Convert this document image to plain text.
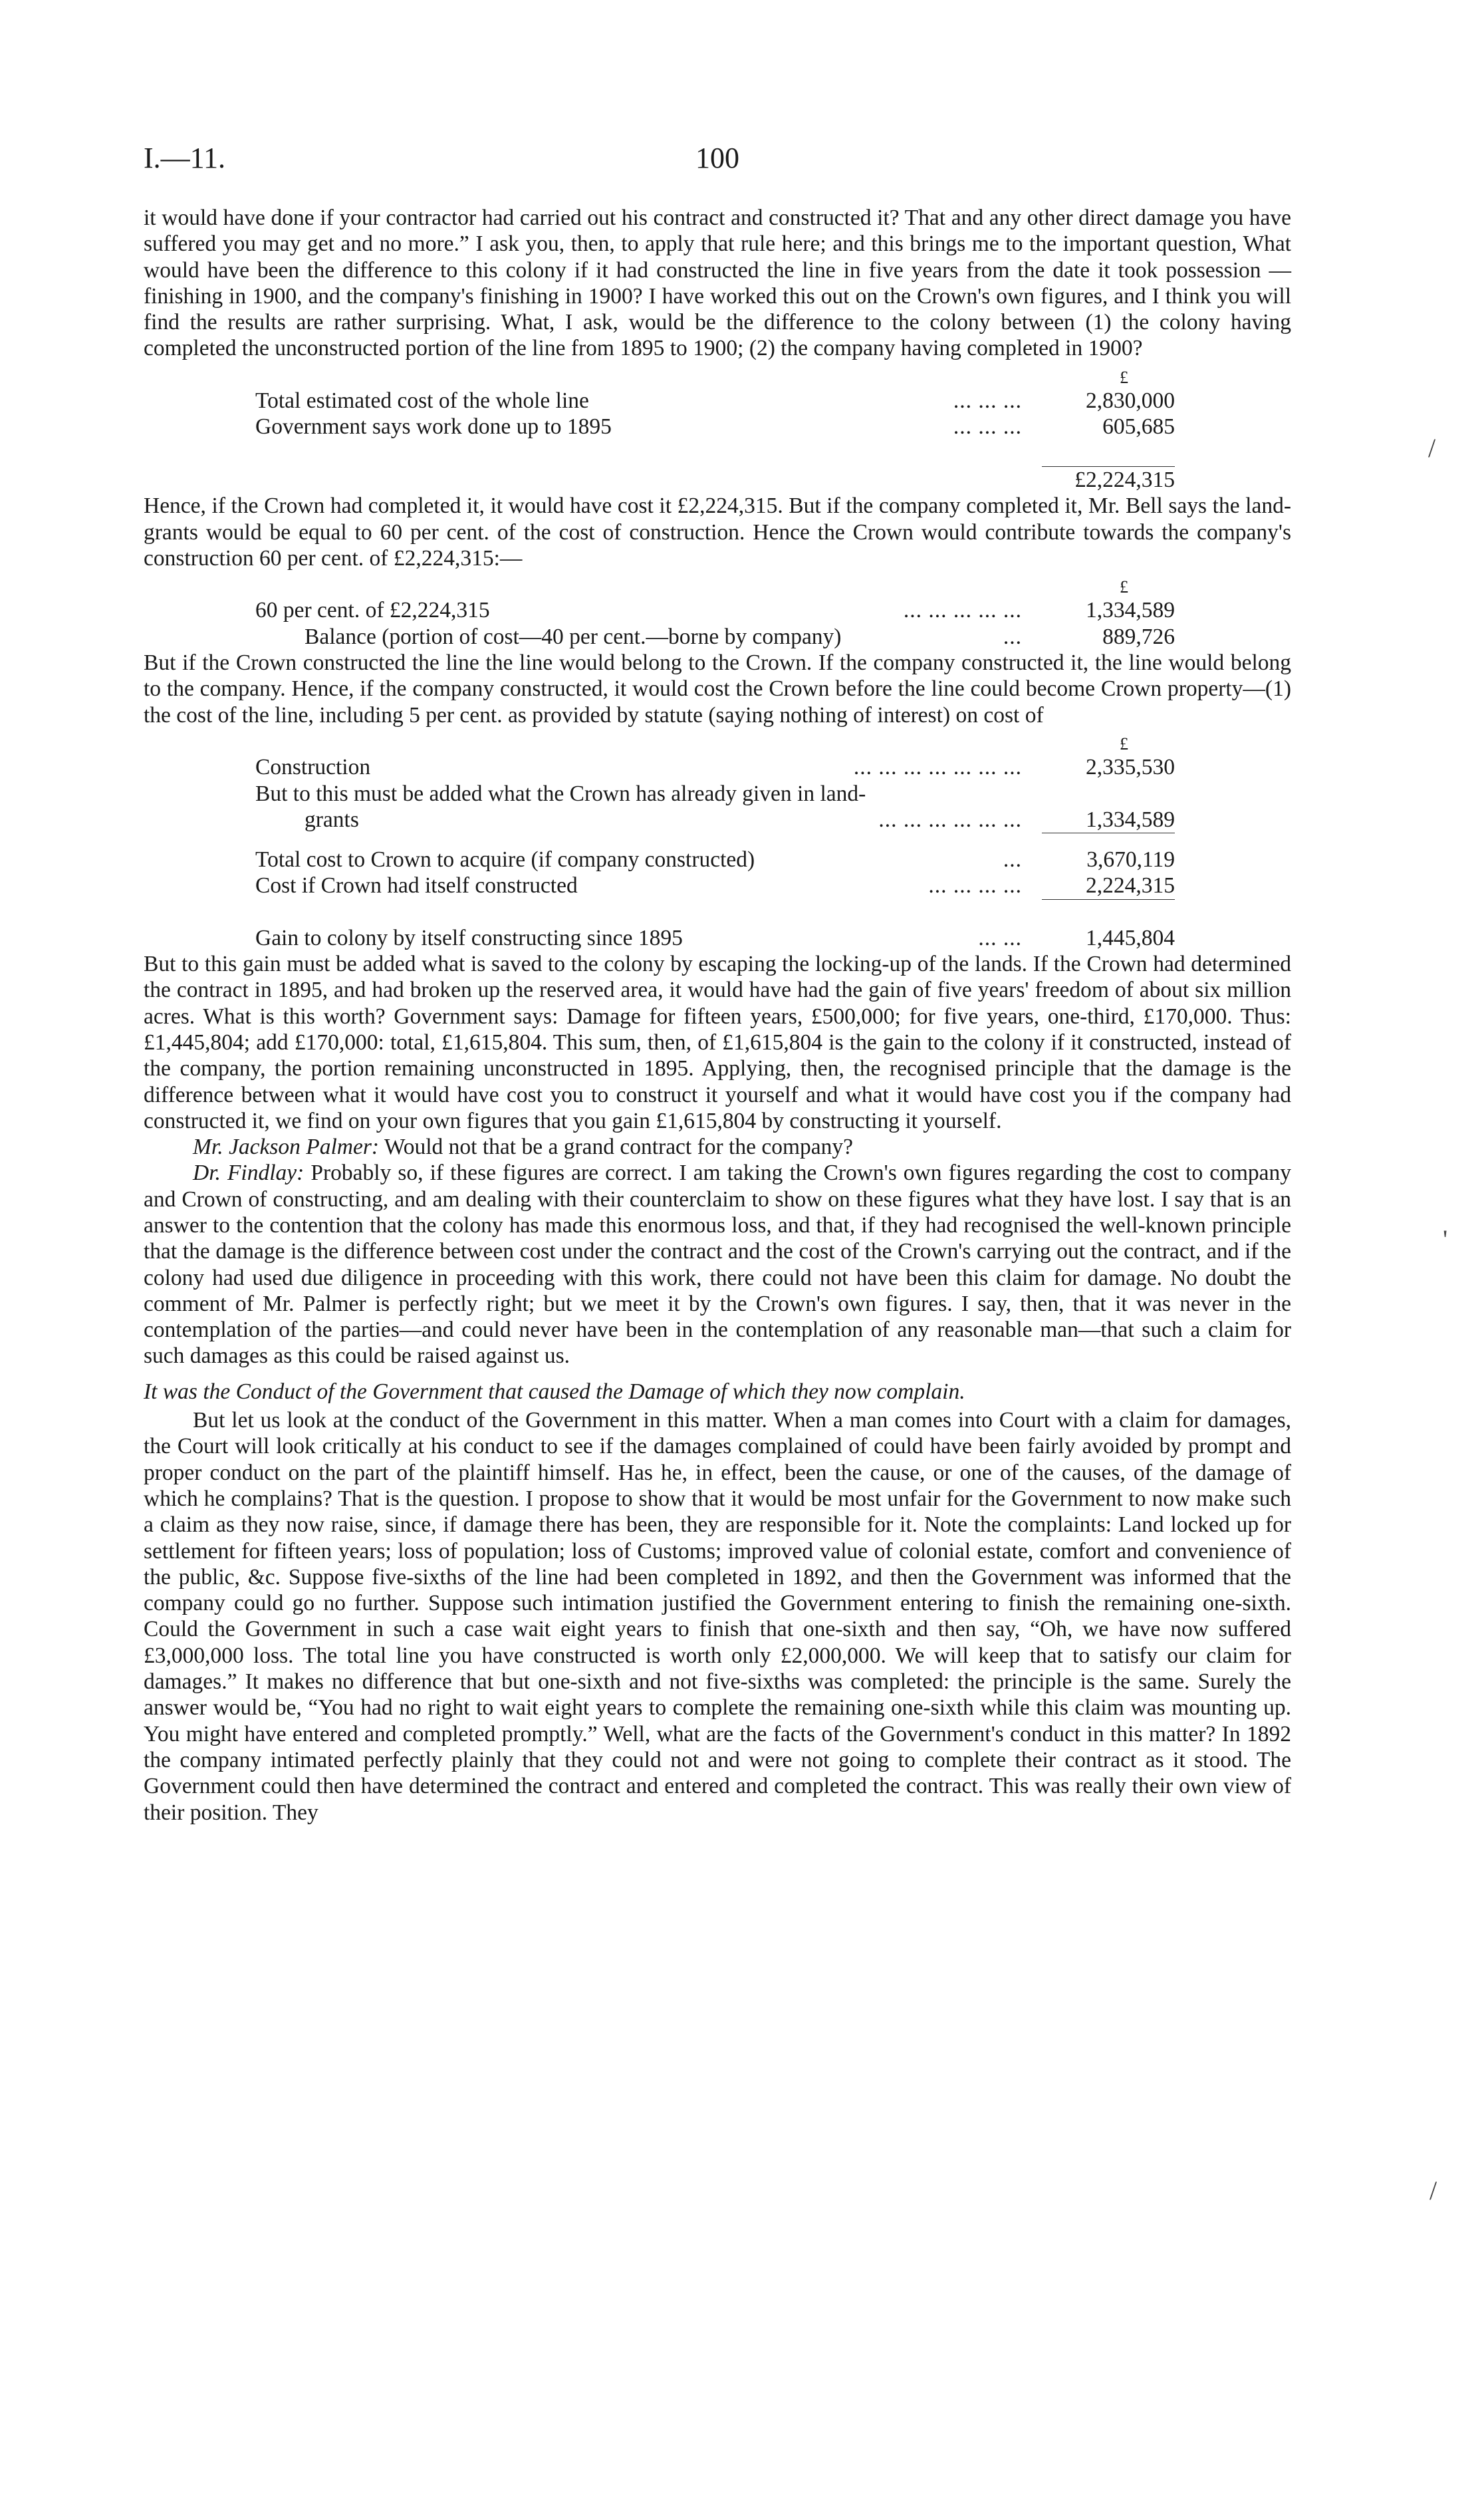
I.—11.	100

it would have done if your contractor had carried out his contract and constructed it? That and any other direct damage you have suffered you may get and no more.” I ask you, then, to apply that rule here; and this brings me to the important question, What would have been the difference to this colony if it had constructed the line in five years from the date it took possession —finishing in 1900, and the company's finishing in 1900? I have worked this out on the Crown's own figures, and I think you will find the results are rather surprising. What, I ask, would be the difference to the colony between (1) the colony having completed the unconstructed portion of the line from 1895 to 1900; (2) the company having completed in 1900?

£
Total estimated cost of the whole line	... ... ...	2,830,000
Government says work done up to 1895	... ... ...	605,685
£2,224,315

Hence, if the Crown had completed it, it would have cost it £2,224,315. But if the company completed it, Mr. Bell says the land-grants would be equal to 60 per cent. of the cost of construction. Hence the Crown would contribute towards the company's construction 60 per cent. of £2,224,315:—

£
60 per cent. of £2,224,315	... ... ... ... ...	1,334,589
Balance (portion of cost—40 per cent.—borne by company)	...	889,726

But if the Crown constructed the line the line would belong to the Crown. If the company constructed it, the line would belong to the company. Hence, if the company constructed, it would cost the Crown before the line could become Crown property—(1) the cost of the line, including 5 per cent. as provided by statute (saying nothing of interest) on cost of

£
Construction	... ... ... ... ... ... ...	2,335,530
But to this must be added what the Crown has already given in land-
grants	... ... ... ... ... ...	1,334,589
Total cost to Crown to acquire (if company constructed)	...	3,670,119
Cost if Crown had itself constructed	... ... ... ...	2,224,315
Gain to colony by itself constructing since 1895	... ...	1,445,804

But to this gain must be added what is saved to the colony by escaping the locking-up of the lands. If the Crown had determined the contract in 1895, and had broken up the reserved area, it would have had the gain of five years' freedom of about six million acres. What is this worth? Government says: Damage for fifteen years, £500,000; for five years, one-third, £170,000. Thus: £1,445,804; add £170,000: total, £1,615,804. This sum, then, of £1,615,804 is the gain to the colony if it constructed, instead of the company, the portion remaining unconstructed in 1895. Applying, then, the recognised principle that the damage is the difference between what it would have cost you to construct it yourself and what it would have cost you if the company had constructed it, we find on your own figures that you gain £1,615,804 by constructing it yourself.

Mr. Jackson Palmer: Would not that be a grand contract for the company?

Dr. Findlay: Probably so, if these figures are correct. I am taking the Crown's own figures regarding the cost to company and Crown of constructing, and am dealing with their counterclaim to show on these figures what they have lost. I say that is an answer to the contention that the colony has made this enormous loss, and that, if they had recognised the well-known principle that the damage is the difference between cost under the contract and the cost of the Crown's carrying out the contract, and if the colony had used due diligence in proceeding with this work, there could not have been this claim for damage. No doubt the comment of Mr. Palmer is perfectly right; but we meet it by the Crown's own figures. I say, then, that it was never in the contemplation of the parties—and could never have been in the contemplation of any reasonable man—that such a claim for such damages as this could be raised against us.

It was the Conduct of the Government that caused the Damage of which they now complain.

But let us look at the conduct of the Government in this matter. When a man comes into Court with a claim for damages, the Court will look critically at his conduct to see if the damages complained of could have been fairly avoided by prompt and proper conduct on the part of the plaintiff himself. Has he, in effect, been the cause, or one of the causes, of the damage of which he complains? That is the question. I propose to show that it would be most unfair for the Government to now make such a claim as they now raise, since, if damage there has been, they are responsible for it. Note the complaints: Land locked up for settlement for fifteen years; loss of population; loss of Customs; improved value of colonial estate, comfort and convenience of the public, &c. Suppose five-sixths of the line had been completed in 1892, and then the Government was informed that the company could go no further. Suppose such intimation justified the Government entering to finish the remaining one-sixth. Could the Government in such a case wait eight years to finish that one-sixth and then say, “Oh, we have now suffered £3,000,000 loss. The total line you have constructed is worth only £2,000,000. We will keep that to satisfy our claim for damages.” It makes no difference that but one-sixth and not five-sixths was completed: the principle is the same. Surely the answer would be, “You had no right to wait eight years to complete the remaining one-sixth while this claim was mounting up. You might have entered and completed promptly.” Well, what are the facts of the Government's conduct in this matter? In 1892 the company intimated perfectly plainly that they could not and were not going to complete their contract as it stood. The Government could then have determined the contract and entered and completed the contract. This was really their own view of their position. They

/
'
/
